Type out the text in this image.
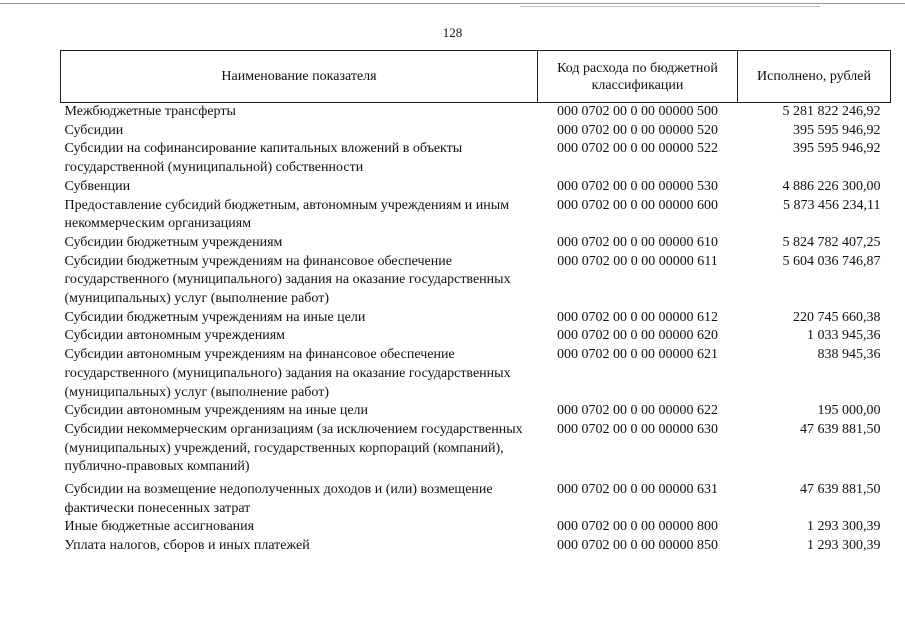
128
Наименование показателя	Код расхода по бюджетной классификации	Исполнено, рублей
Межбюджетные трансферты	000 0702 00 0 00 00000 500	5 281 822 246,92
Субсидии	000 0702 00 0 00 00000 520	395 595 946,92
Субсидии на софинансирование капитальных вложений в объекты государственной (муниципальной) собственности	000 0702 00 0 00 00000 522	395 595 946,92
Субвенции	000 0702 00 0 00 00000 530	4 886 226 300,00
Предоставление субсидий бюджетным, автономным учреждениям и иным некоммерческим организациям	000 0702 00 0 00 00000 600	5 873 456 234,11
Субсидии бюджетным учреждениям	000 0702 00 0 00 00000 610	5 824 782 407,25
Субсидии бюджетным учреждениям на финансовое обеспечение государственного (муниципального) задания на оказание государственных (муниципальных) услуг (выполнение работ)	000 0702 00 0 00 00000 611	5 604 036 746,87
Субсидии бюджетным учреждениям на иные цели	000 0702 00 0 00 00000 612	220 745 660,38
Субсидии автономным учреждениям	000 0702 00 0 00 00000 620	1 033 945,36
Субсидии автономным учреждениям на финансовое обеспечение государственного (муниципального) задания на оказание государственных (муниципальных) услуг (выполнение работ)	000 0702 00 0 00 00000 621	838 945,36
Субсидии автономным учреждениям на иные цели	000 0702 00 0 00 00000 622	195 000,00
Субсидии некоммерческим организациям (за исключением государственных (муниципальных) учреждений, государственных корпораций (компаний), публично-правовых компаний)	000 0702 00 0 00 00000 630	47 639 881,50
Субсидии на возмещение недополученных доходов и (или) возмещение фактически понесенных затрат	000 0702 00 0 00 00000 631	47 639 881,50
Иные бюджетные ассигнования	000 0702 00 0 00 00000 800	1 293 300,39
Уплата налогов, сборов и иных платежей	000 0702 00 0 00 00000 850	1 293 300,39
